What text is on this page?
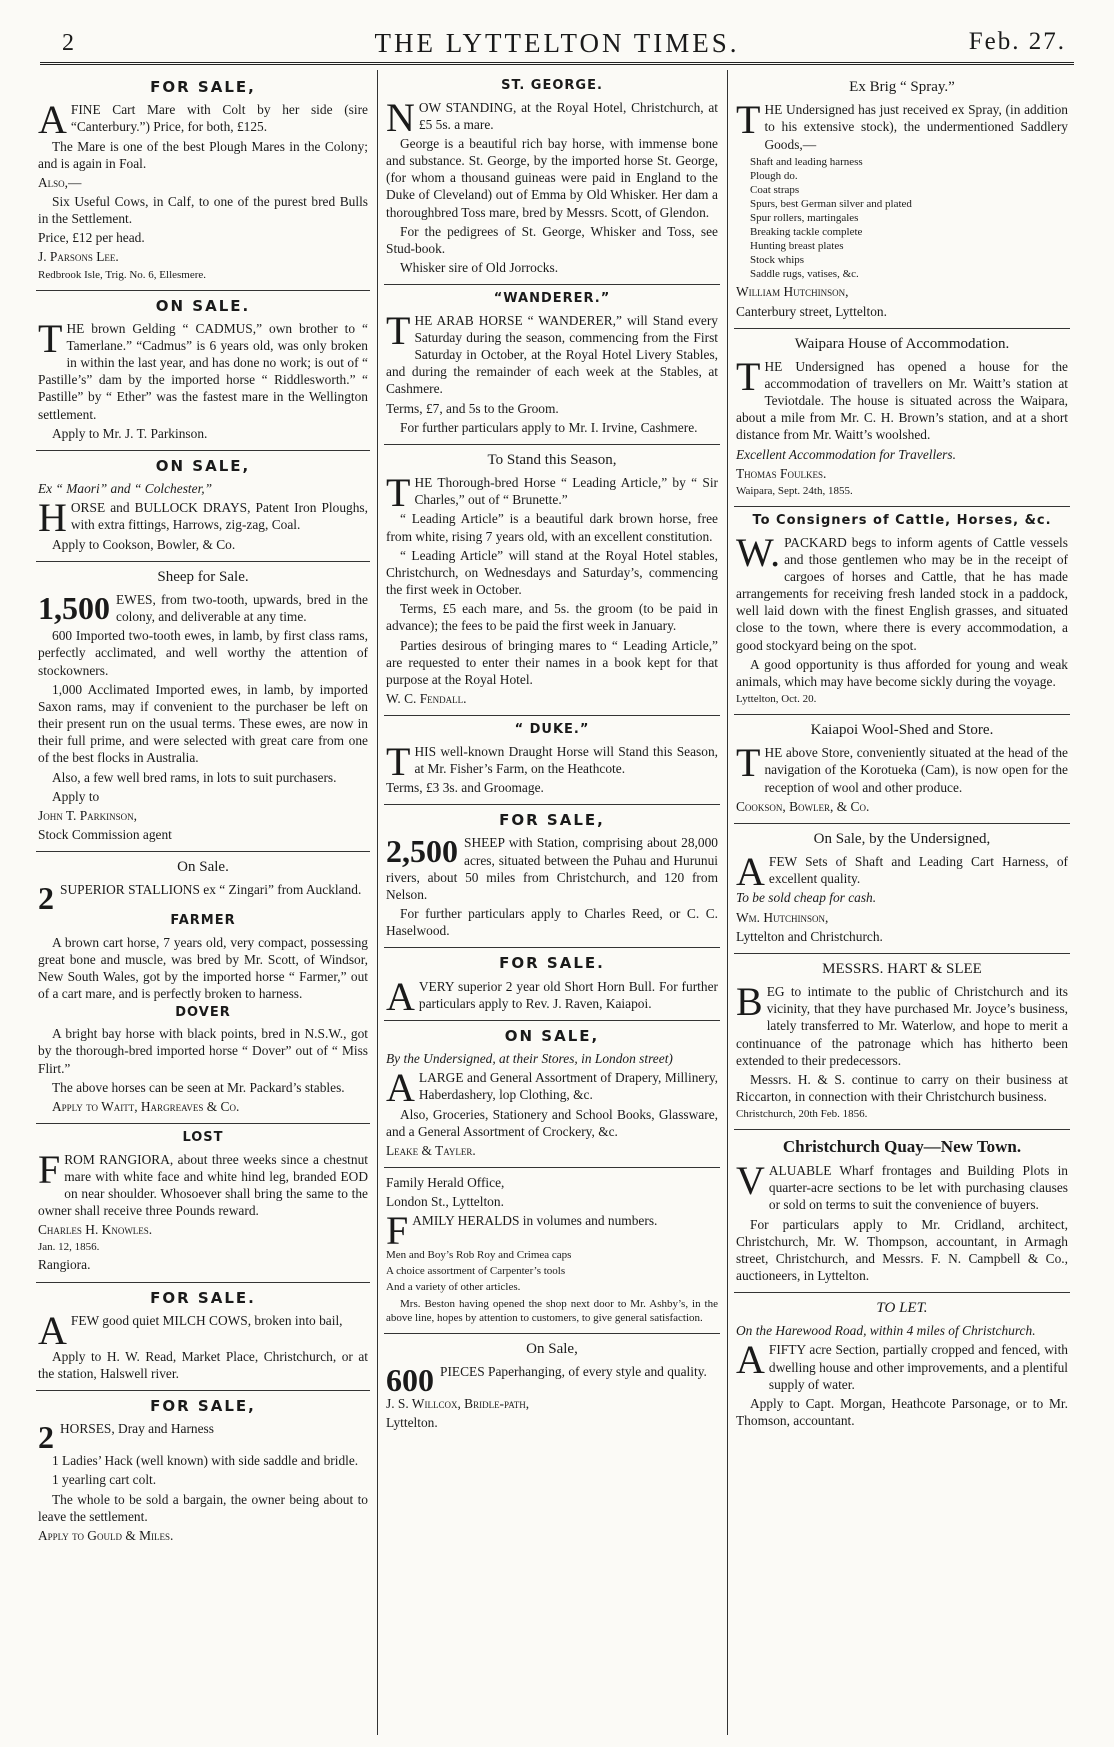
2	THE LYTTELTON TIMES.	Feb. 27.
FOR SALE,
A FINE Cart Mare with Colt by her side (sire “Canterbury.”) Price, for both, £125.

The Mare is one of the best Plough Mares in the Colony; and is again in Foal.

Also,—

Six Useful Cows, in Calf, to one of the purest bred Bulls in the Settlement.

Price, £12 per head.

J. Parsons Lee.

Redbrook Isle, Trig. No. 6, Ellesmere.

ON SALE.
T HE brown Gelding “ CADMUS,” own brother to “ Tamerlane.” “Cadmus” is 6 years old, was only broken in within the last year, and has done no work; is out of “ Pastille’s” dam by the imported horse “ Riddlesworth.” “ Pastille” by “ Ether” was the fastest mare in the Wellington settlement.

Apply to Mr. J. T. Parkinson.

ON SALE,

Ex “ Maori” and “ Colchester,”

H ORSE and BULLOCK DRAYS, Patent Iron Ploughs, with extra fittings, Harrows, zig-zag, Coal.

Apply to Cookson, Bowler, & Co.

Sheep for Sale.
1,500 EWES, from two-tooth, upwards, bred in the colony, and deliverable at any time.

600 Imported two-tooth ewes, in lamb, by first class rams, perfectly acclimated, and well worthy the attention of stockowners.

1,000 Acclimated Imported ewes, in lamb, by imported Saxon rams, may if convenient to the purchaser be left on their present run on the usual terms. These ewes, are now in their full prime, and were selected with great care from one of the best flocks in Australia.

Also, a few well bred rams, in lots to suit purchasers.

Apply to

John T. Parkinson,

Stock Commission agent

On Sale.
2 SUPERIOR STALLIONS ex “ Zingari” from Auckland.

FARMER

A brown cart horse, 7 years old, very compact, possessing great bone and muscle, was bred by Mr. Scott, of Windsor, New South Wales, got by the imported horse “ Farmer,” out of a cart mare, and is perfectly broken to harness.

DOVER

A bright bay horse with black points, bred in N.S.W., got by the thorough-bred imported horse “ Dover” out of “ Miss Flirt.”

The above horses can be seen at Mr. Packard’s stables.

Apply to Waitt, Hargreaves & Co.

LOST
F ROM RANGIORA, about three weeks since a chestnut mare with white face and white hind leg, branded EOD on near shoulder. Whosoever shall bring the same to the owner shall receive three Pounds reward.

Charles H. Knowles.

Jan. 12, 1856.

Rangiora.

FOR SALE.
A FEW good quiet MILCH COWS, broken into bail,

Apply to H. W. Read, Market Place, Christchurch, or at the station, Halswell river.

FOR SALE,
2 HORSES, Dray and Harness

1 Ladies’ Hack (well known) with side saddle and bridle.

1 yearling cart colt.

The whole to be sold a bargain, the owner being about to leave the settlement.

Apply to Gould & Miles.

ST. GEORGE.
N OW STANDING, at the Royal Hotel, Christchurch, at £5 5s. a mare.

George is a beautiful rich bay horse, with immense bone and substance. St. George, by the imported horse St. George, (for whom a thousand guineas were paid in England to the Duke of Cleveland) out of Emma by Old Whisker. Her dam a thoroughbred Toss mare, bred by Messrs. Scott, of Glendon.

For the pedigrees of St. George, Whisker and Toss, see Stud-book.

Whisker sire of Old Jorrocks.

“WANDERER.”
T HE ARAB HORSE “ WANDERER,” will Stand every Saturday during the season, commencing from the First Saturday in October, at the Royal Hotel Livery Stables, and during the remainder of each week at the Stables, at Cashmere.

Terms, £7, and 5s to the Groom.

For further particulars apply to Mr. I. Irvine, Cashmere.

To Stand this Season,
T HE Thorough-bred Horse “ Leading Article,” by “ Sir Charles,” out of “ Brunette.”

“ Leading Article” is a beautiful dark brown horse, free from white, rising 7 years old, with an excellent constitution.

“ Leading Article” will stand at the Royal Hotel stables, Christchurch, on Wednesdays and Saturday’s, commencing the first week in October.

Terms, £5 each mare, and 5s. the groom (to be paid in advance); the fees to be paid the first week in January.

Parties desirous of bringing mares to “ Leading Article,” are requested to enter their names in a book kept for that purpose at the Royal Hotel.

W. C. Fendall.

“ DUKE.”
T HIS well-known Draught Horse will Stand this Season, at Mr. Fisher’s Farm, on the Heathcote.

Terms, £3 3s. and Groomage.

FOR SALE,
2,500 SHEEP with Station, comprising about 28,000 acres, situated between the Puhau and Hurunui rivers, about 50 miles from Christchurch, and 120 from Nelson.

For further particulars apply to Charles Reed, or C. C. Haselwood.

FOR SALE.
A VERY superior 2 year old Short Horn Bull. For further particulars apply to Rev. J. Raven, Kaiapoi.

ON SALE,

By the Undersigned, at their Stores, in London street)

A LARGE and General Assortment of Drapery, Millinery, Haberdashery, lop Clothing, &c.

Also, Groceries, Stationery and School Books, Glassware, and a General Assortment of Crockery, &c.

Leake & Tayler.

Family Herald Office,

London St., Lyttelton.

F AMILY HERALDS in volumes and numbers.

Men and Boy’s Rob Roy and Crimea caps

A choice assortment of Carpenter’s tools

And a variety of other articles.

Mrs. Beston having opened the shop next door to Mr. Ashby’s, in the above line, hopes by attention to customers, to give general satisfaction.

On Sale,
600 PIECES Paperhanging, of every style and quality.

J. S. Willcox, Bridle-path,

Lyttelton.

Ex Brig “ Spray.”
T HE Undersigned has just received ex Spray, (in addition to his extensive stock), the undermentioned Saddlery Goods,—

Shaft and leading harness

Plough do.

Coat straps

Spurs, best German silver and plated

Spur rollers, martingales

Breaking tackle complete

Hunting breast plates

Stock whips

Saddle rugs, vatises, &c.

William Hutchinson,

Canterbury street, Lyttelton.

Waipara House of Accommodation.
T HE Undersigned has opened a house for the accommodation of travellers on Mr. Waitt’s station at Teviotdale. The house is situated across the Waipara, about a mile from Mr. C. H. Brown’s station, and at a short distance from Mr. Waitt’s woolshed.

Excellent Accommodation for Travellers.

Thomas Foulkes.

Waipara, Sept. 24th, 1855.

To Consigners of Cattle, Horses, &c.
W. PACKARD begs to inform agents of Cattle vessels and those gentlemen who may be in the receipt of cargoes of horses and Cattle, that he has made arrangements for receiving fresh landed stock in a paddock, well laid down with the finest English grasses, and situated close to the town, where there is every accommodation, a good stockyard being on the spot.

A good opportunity is thus afforded for young and weak animals, which may have become sickly during the voyage.

Lyttelton, Oct. 20.

Kaiapoi Wool-Shed and Store.
T HE above Store, conveniently situated at the head of the navigation of the Korotueka (Cam), is now open for the reception of wool and other produce.

Cookson, Bowler, & Co.

On Sale, by the Undersigned,
A FEW Sets of Shaft and Leading Cart Harness, of excellent quality.

To be sold cheap for cash.

Wm. Hutchinson,

Lyttelton and Christchurch.

MESSRS. HART & SLEE
B EG to intimate to the public of Christchurch and its vicinity, that they have purchased Mr. Joyce’s business, lately transferred to Mr. Waterlow, and hope to merit a continuance of the patronage which has hitherto been extended to their predecessors.

Messrs. H. & S. continue to carry on their business at Riccarton, in connection with their Christchurch business.

Christchurch, 20th Feb. 1856.

Christchurch Quay—New Town.
V ALUABLE Wharf frontages and Building Plots in quarter-acre sections to be let with purchasing clauses or sold on terms to suit the convenience of buyers.

For particulars apply to Mr. Cridland, architect, Christchurch, Mr. W. Thompson, accountant, in Armagh street, Christchurch, and Messrs. F. N. Campbell & Co., auctioneers, in Lyttelton.

TO LET.

On the Harewood Road, within 4 miles of Christchurch.

A FIFTY acre Section, partially cropped and fenced, with dwelling house and other improvements, and a plentiful supply of water.

Apply to Capt. Morgan, Heathcote Parsonage, or to Mr. Thomson, accountant.
